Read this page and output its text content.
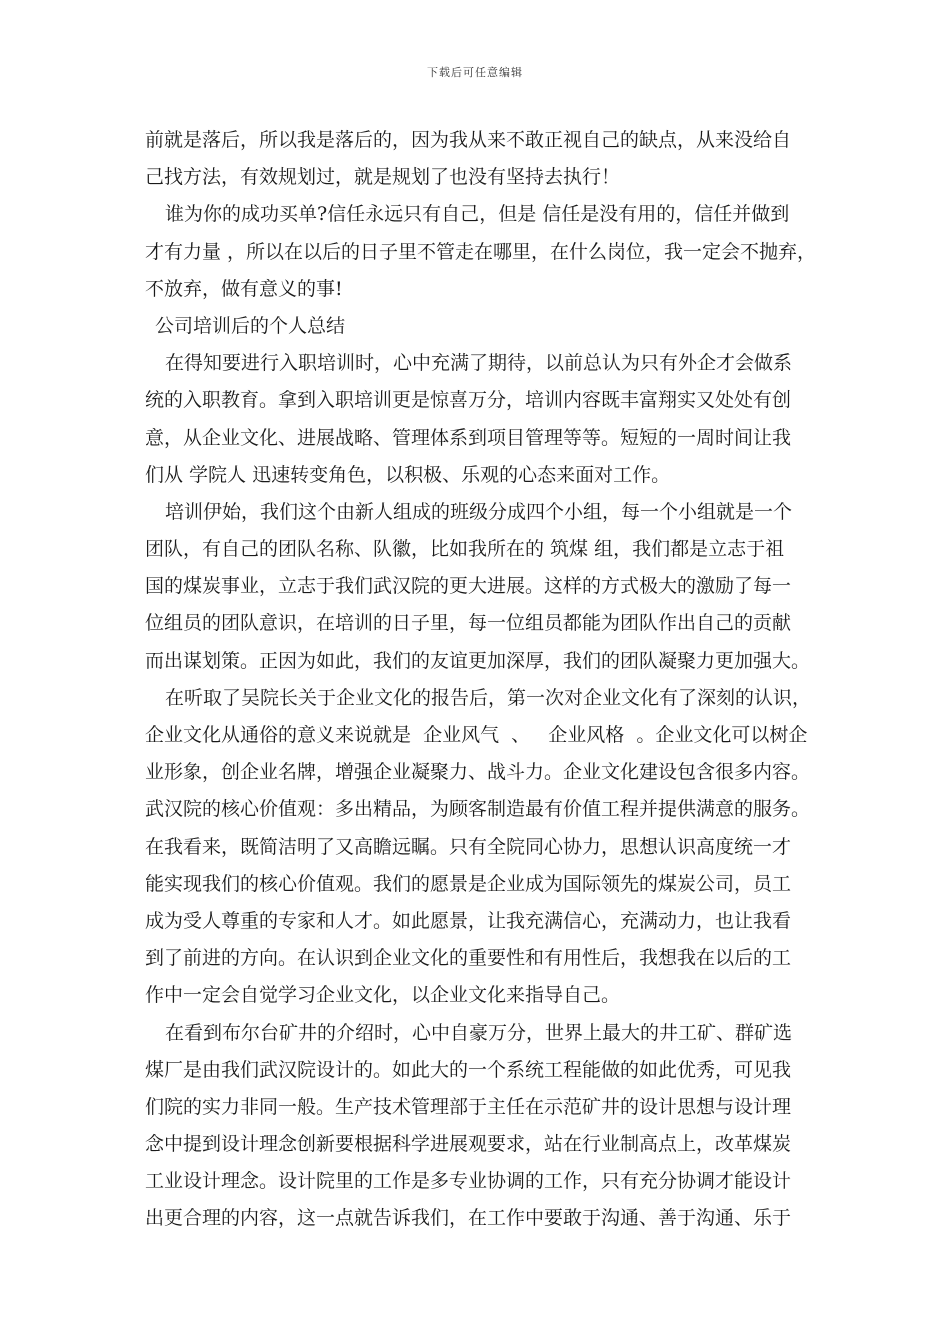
下载后可任意编辑
前就是落后，所以我是落后的，因为我从来不敢正视自己的缺点，从来没给自
己找方法，有效规划过，就是规划了也没有坚持去执行！
谁为你的成功买单?信任永远只有自己，但是 信任是没有用的，信任并做到
才有力量 ，所以在以后的日子里不管走在哪里，在什么岗位，我一定会不抛弃，
不放弃，做有意义的事!
公司培训后的个人总结
在得知要进行入职培训时，心中充满了期待，以前总认为只有外企才会做系
统的入职教育。拿到入职培训更是惊喜万分，培训内容既丰富翔实又处处有创
意，从企业文化、进展战略、管理体系到项目管理等等。短短的一周时间让我
们从 学院人 迅速转变角色，以积极、乐观的心态来面对工作。
培训伊始，我们这个由新人组成的班级分成四个小组，每一个小组就是一个
团队，有自己的团队名称、队徽，比如我所在的 筑煤 组，我们都是立志于祖
国的煤炭事业，立志于我们武汉院的更大进展。这样的方式极大的激励了每一
位组员的团队意识，在培训的日子里，每一位组员都能为团队作出自己的贡献
而出谋划策。正因为如此，我们的友谊更加深厚，我们的团队凝聚力更加强大。
在听取了吴院长关于企业文化的报告后，第一次对企业文化有了深刻的认识，
企业文化从通俗的意义来说就是  企业风气  、   企业风格  。企业文化可以树企
业形象，创企业名牌，增强企业凝聚力、战斗力。企业文化建设包含很多内容。
武汉院的核心价值观：多出精品，为顾客制造最有价值工程并提供满意的服务。
在我看来，既简洁明了又高瞻远瞩。只有全院同心协力，思想认识高度统一才
能实现我们的核心价值观。我们的愿景是企业成为国际领先的煤炭公司，员工
成为受人尊重的专家和人才。如此愿景，让我充满信心，充满动力，也让我看
到了前进的方向。在认识到企业文化的重要性和有用性后，我想我在以后的工
作中一定会自觉学习企业文化，以企业文化来指导自己。
在看到布尔台矿井的介绍时，心中自豪万分，世界上最大的井工矿、群矿选
煤厂是由我们武汉院设计的。如此大的一个系统工程能做的如此优秀，可见我
们院的实力非同一般。生产技术管理部于主任在示范矿井的设计思想与设计理
念中提到设计理念创新要根据科学进展观要求，站在行业制高点上，改革煤炭
工业设计理念。设计院里的工作是多专业协调的工作，只有充分协调才能设计
出更合理的内容，这一点就告诉我们，在工作中要敢于沟通、善于沟通、乐于
